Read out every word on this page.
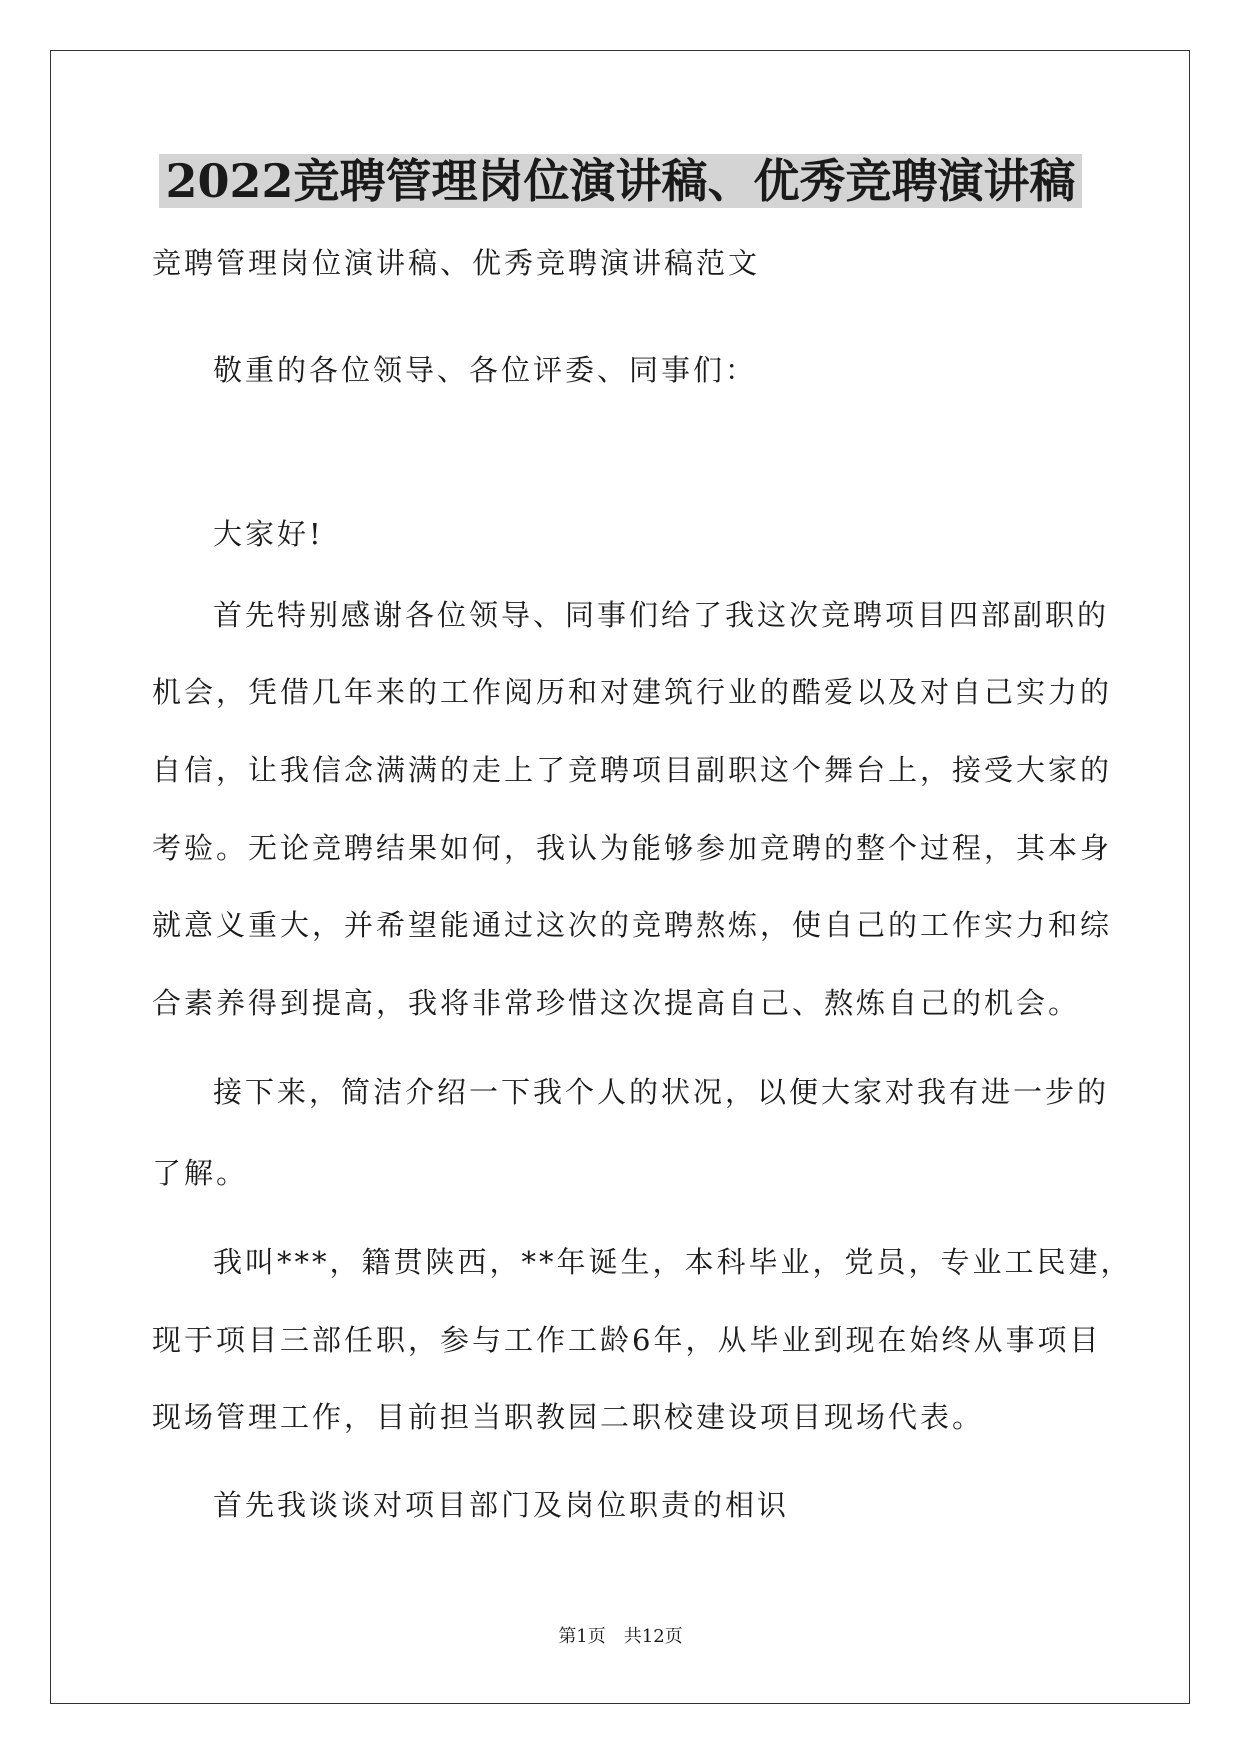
2022竞聘管理岗位演讲稿、优秀竞聘演讲稿
竞聘管理岗位演讲稿、优秀竞聘演讲稿范文
敬重的各位领导、各位评委、同事们：
大家好!
首先特别感谢各位领导、同事们给了我这次竞聘项目四部副职的
机会，凭借几年来的工作阅历和对建筑行业的酷爱以及对自己实力的
自信，让我信念满满的走上了竞聘项目副职这个舞台上，接受大家的
考验。无论竞聘结果如何，我认为能够参加竞聘的整个过程，其本身
就意义重大，并希望能通过这次的竞聘熬炼，使自己的工作实力和综
合素养得到提高，我将非常珍惜这次提高自己、熬炼自己的机会。
接下来，简洁介绍一下我个人的状况，以便大家对我有进一步的
了解。
我叫***，籍贯陕西，**年诞生，本科毕业，党员，专业工民建，
现于项目三部任职，参与工作工龄6年，从毕业到现在始终从事项目
现场管理工作，目前担当职教园二职校建设项目现场代表。
首先我谈谈对项目部门及岗位职责的相识
第1页　共12页
